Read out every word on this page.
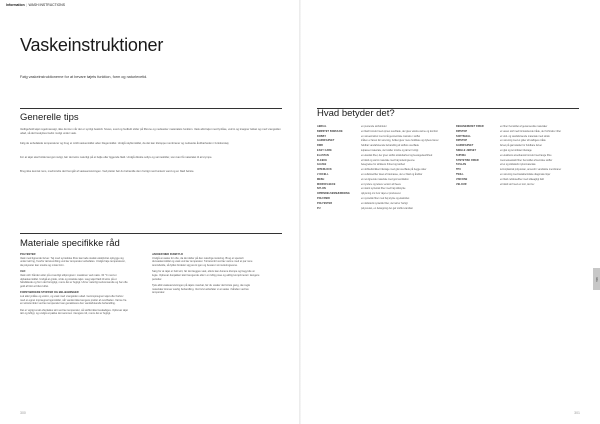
Information | WASH INSTRUCTIONS
Vaskeinstruktioner
Følg vaskeinstruktionerne for at bevare tøjets funktion, form og naturlevetid.
Generelle tips

Vedligehold tøjet regelmæssigt, ikke det kun når det er synligt beskidt. Snavs, sved og hudfedt slider på fibrene og nedsætter materialets funktion. Vask altid tøjet med lynlåse, velcro og knapper lukket og med vrangsiden udad, så det beskyttes bedst muligt under vask.

Følg de anbefalede temperaturer og brug et mildt vaskemiddel uden blegemiddel. Undgå skyllemiddel, da det kan tilstoppe membraner og nedsætte åndbarheden i funktionstøj.

For at tøjet skal holde længst muligt, bør det tørre naturligt på et bøjle eller liggende fladt. Undgå direkte sollys og varmekilder, som kan få materialet til at krympe.

Brug ikke kemisk rens, medmindre det fremgår af vaskeanvisningen. Ved pletter bør du behandle dem hurtigt med lunkent vand og en blød børste.

Materiale specifikke råd
POLYESTER

Vask med lignende farver. Tøj med syntetiske fibre kan lade statisk elektricitet opbygge sig under tørring, hvorfor tørretumbling ved lav temperatur anbefales. Undgå høje temperaturer, da polyester kan smelte og miste form.

ULD

Vask uld i hånden eller på et særligt uldprogram i maskinen ved maks. 30 °C med et uldvaskemiddel. Undgå at gnide, vride og strække tøjet. Læg tøjet fladt til tørre på et håndklæde og form det forsigtigt, mens det er fugtigt. Uld er naturligt selvrensende og har ofte godt af blot at blive luftet.

FORSTÆRKEDE STOFFER OG BELÆGNINGER

Luk alle lynlåse og velcro, og vask med vrangsiden udad. Genimprægner tøjet efter behov med et egnet imprægneringsmiddel, når vandet ikke længere preller af overfladen. Varme fra en tørretumbler ved lav temperatur kan genaktivere den vandafvisende behandling.

Det er vigtigt at alt efterlades tørt ved lav temperatur, så stoffet ikke beskadiges. Opbevar tøjet tørt og luftigt, og undgå at pakke det sammen i længere tid, mens det er fugtigt.

JAKKER MED DUN/FYLD

Undgå at vaske for ofte, da det slider på den naturlige isolering. Brug et specielt dunvaskemiddel og vask ved lav temperatur. Tørretumbl ved lav varme med et par rene tennisbolde, så fyldet fordeler sig jævnt igen og bevarer sin isoleringsevne.

Sørg for at tøjet er helt tørt, før det lægges væk, ellers kan dunene klumpe og begynde at lugte. Opbevar dunjakker løst hængende eller i en luftig pose og aldrig komprimeret i længere perioder.

Tjek altid vaskeanvisningen på tøjets mærkat, før du vasker det første gang, da nogle materialer kræver særlig behandling. Ved tvivl anbefaler vi at vaske i hånden ved lav temperatur.

300
Hvad betyder det?
AERIAL	en pustende stofstruktur
BØRSTET BOMULDE	en blød bomuld med opruet overflade, der giver ekstra varme og komfort
DOBBY	en vævestruktur med små geometriske mønstre i stoffet
GARNFARVET	tråden er farvet før vævning, hvilket giver mere holdbare og dybere farver
DWR	holdbar vandafvisende behandling af stoffets overflade
EASY CARE	letpasset materiale, der krøller mindre og tørrer hurtigt
ELASTAN	en elastisk fiber, der giver stoffet strækbarhed og bevægelsesfrihed
FLEECE	et blødt og varmt materiale med høj isoleringsevne
GAUGE	betegnelse for strikkens finhed og tæthed
INTERLOCK	en dobbeltstrikket trikotage med glat overflade på begge sider
LYOCELL	en cellulosefiber lavet af træmasse, der er blød og åndbar
MESH	et net-lignende materiale med god ventilation
MICROFLEECE	en tyndere og lettere version af fleece
NYLON	en stærk syntetisk fiber med høj slidstyrke
OPRINDELSESMÆRKNING	oplysning om hvor tøjet er produceret
POLYAMID	en syntetisk fiber med høj styrke og elasticitet
POLYESTER	en slidstærk syntetisk fiber, der tørrer hurtigt
PU	polyuretan, en belægning der gør stoffet vandtæt
REGENERERET FIBER	en fiber fremstillet af genanvendte materialer
RIPSTOP	et vævet stof med forstærkende tråde, der forhindrer rifter
SOFTSHELL	et vind- og vandafvisende materiale med stræk
RIPSTOP	en vævning med et gitter af kraftigere tråde
GARNFARVET	farvet på garnstadiet for holdbare farver
SINGLE JERSEY	en glat og let strikket trikotage
SUPIMA	en eksklusiv amerikansk bomuld med lange fibre
SYNTETISK FIBER	menneskeskabt fiber fremstillet af kemiske stoffer
TASLAN	et let og slidstærkt nylonmateriale
TPU	termoplastisk polyuretan, anvendt i vandtætte membraner
TWILL	en vævning med karakteristiske diagonale linjer
VISCOSE	en blød cellulosefiber med silkeagtigt fald
VELOUR	et blødt stof med en kort, tæt luv
Info
301
